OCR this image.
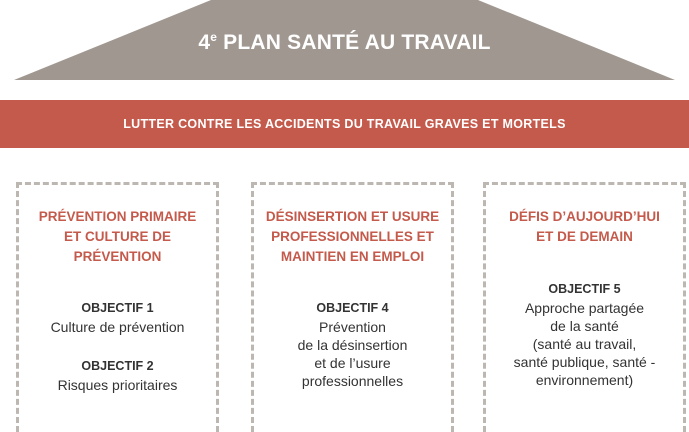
4e PLAN SANTÉ AU TRAVAIL
LUTTER CONTRE LES ACCIDENTS DU TRAVAIL GRAVES ET MORTELS
PRÉVENTION PRIMAIRE
ET CULTURE DE
PRÉVENTION
OBJECTIF 1
Culture de prévention
OBJECTIF 2
Risques prioritaires
DÉSINSERTION ET USURE
PROFESSIONNELLES ET
MAINTIEN EN EMPLOI
OBJECTIF 4
Prévention
de la désinsertion
et de l’usure
professionnelles
DÉFIS D’AUJOURD’HUI
ET DE DEMAIN
OBJECTIF 5
Approche partagée
de la santé
(santé au travail,
santé publique, santé -
environnement)
